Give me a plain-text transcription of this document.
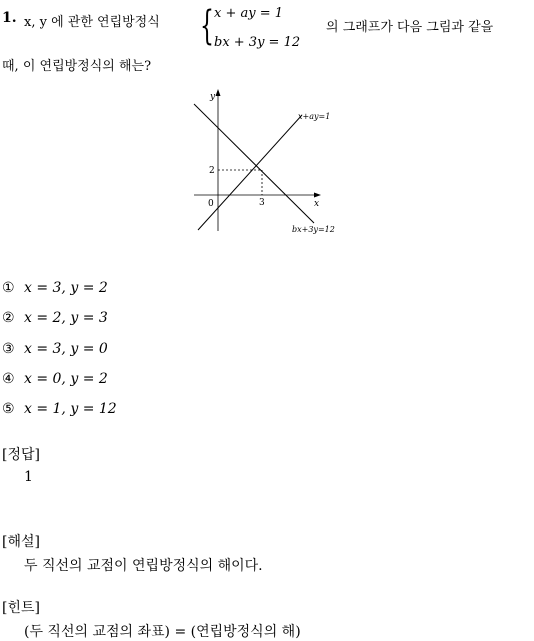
1. x, y 에 관한 연립방정식 { x + ay = 1
bx + 3y = 12
의 그래프가 다음 그림과 같을
때, 이 연립방정식의 해는?
y
x
0
2
3
x+ay=1
bx+3y=12
① x = 3, y = 2
② x = 2, y = 3
③ x = 3, y = 0
④ x = 0, y = 2
⑤ x = 1, y = 12
[정답]
1
[해설]
두 직선의 교점이 연립방정식의 해이다.
[힌트]
(두 직선의 교점의 좌표) = (연립방정식의 해)
